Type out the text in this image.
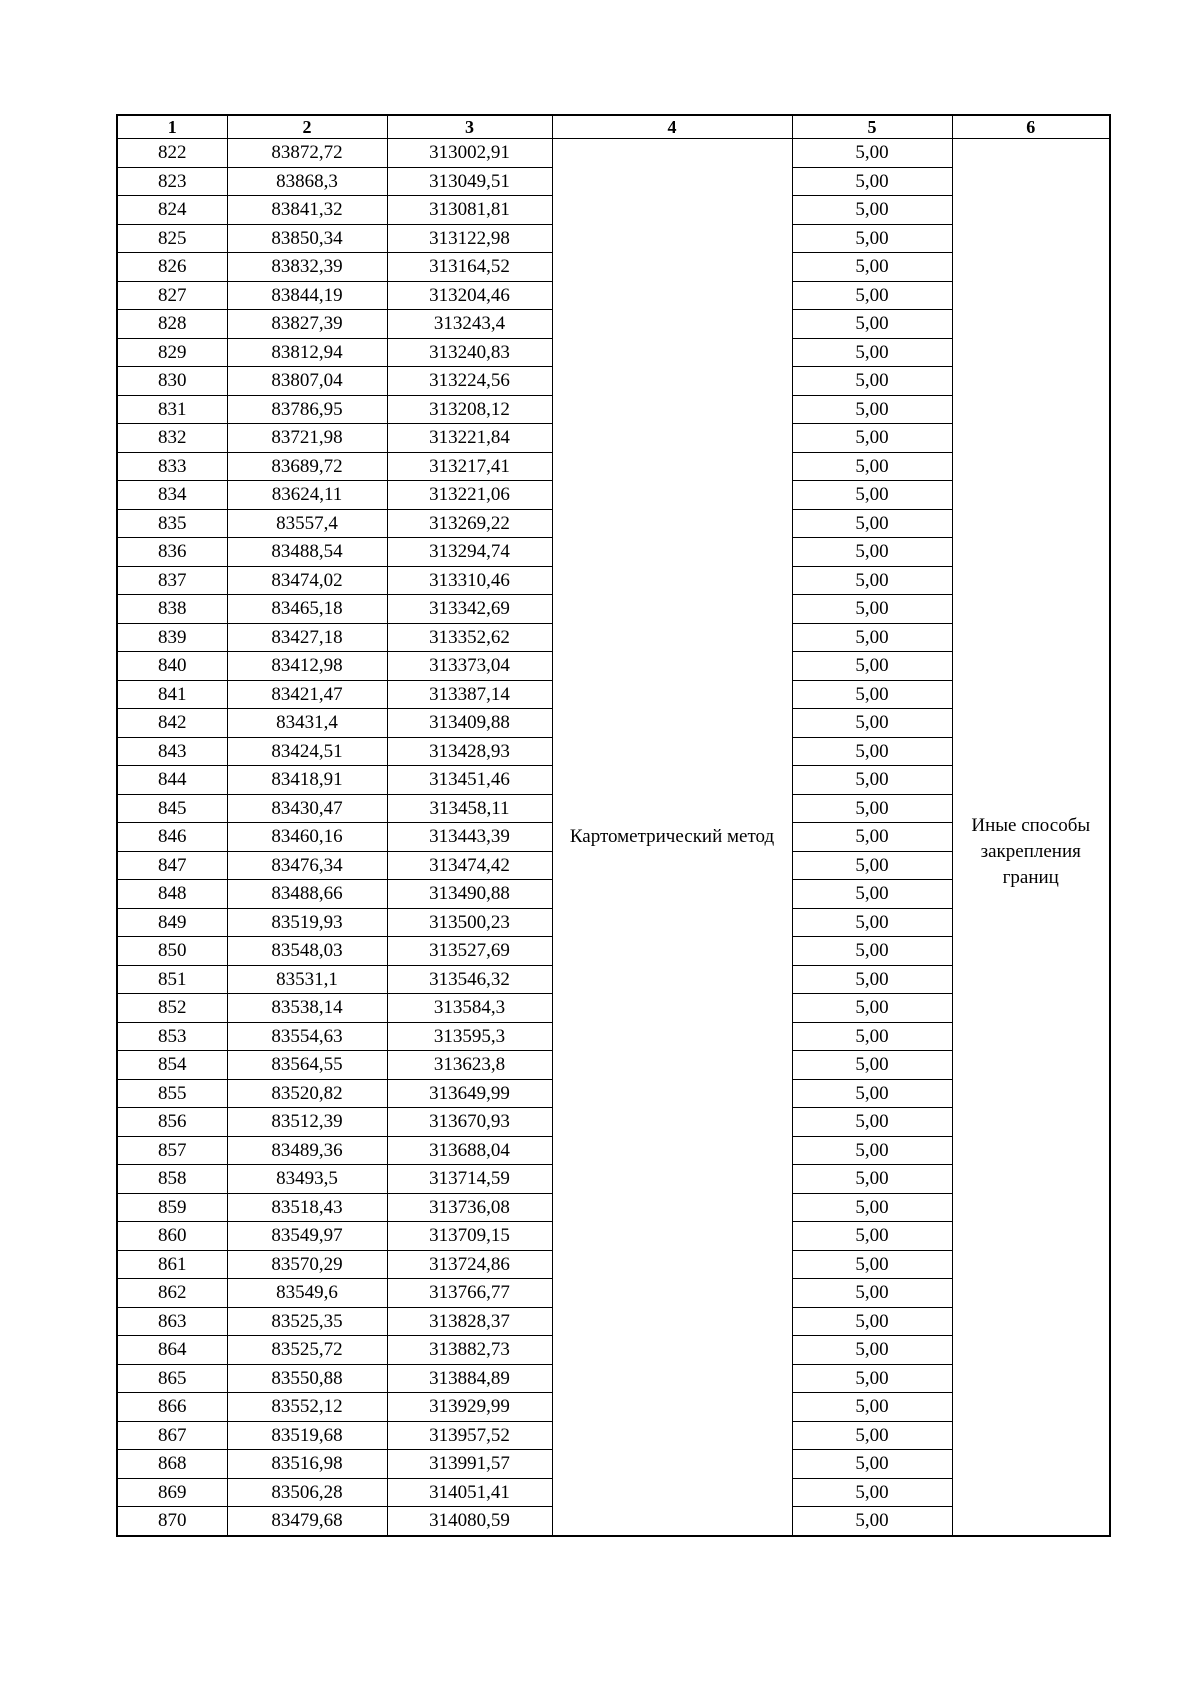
1	2	3	4	5	6
822	83872,72	313002,91	Картометрический метод	5,00	Иные способы
закрепления
границ

823	83868,3	313049,51		5,00	
824	83841,32	313081,81		5,00	
825	83850,34	313122,98		5,00	
826	83832,39	313164,52		5,00	
827	83844,19	313204,46		5,00	
828	83827,39	313243,4		5,00	
829	83812,94	313240,83		5,00	
830	83807,04	313224,56		5,00	
831	83786,95	313208,12		5,00	
832	83721,98	313221,84		5,00	
833	83689,72	313217,41		5,00	
834	83624,11	313221,06		5,00	
835	83557,4	313269,22		5,00	
836	83488,54	313294,74		5,00	
837	83474,02	313310,46		5,00	
838	83465,18	313342,69		5,00	
839	83427,18	313352,62		5,00	
840	83412,98	313373,04		5,00	
841	83421,47	313387,14		5,00	
842	83431,4	313409,88		5,00	
843	83424,51	313428,93		5,00	
844	83418,91	313451,46		5,00	
845	83430,47	313458,11		5,00	
846	83460,16	313443,39		5,00	
847	83476,34	313474,42		5,00	
848	83488,66	313490,88		5,00	
849	83519,93	313500,23		5,00	
850	83548,03	313527,69		5,00	
851	83531,1	313546,32		5,00	
852	83538,14	313584,3		5,00	
853	83554,63	313595,3		5,00	
854	83564,55	313623,8		5,00	
855	83520,82	313649,99		5,00	
856	83512,39	313670,93		5,00	
857	83489,36	313688,04		5,00	
858	83493,5	313714,59		5,00	
859	83518,43	313736,08		5,00	
860	83549,97	313709,15		5,00	
861	83570,29	313724,86		5,00	
862	83549,6	313766,77		5,00	
863	83525,35	313828,37		5,00	
864	83525,72	313882,73		5,00	
865	83550,88	313884,89		5,00	
866	83552,12	313929,99		5,00	
867	83519,68	313957,52		5,00	
868	83516,98	313991,57		5,00	
869	83506,28	314051,41		5,00	
870	83479,68	314080,59		5,00	
